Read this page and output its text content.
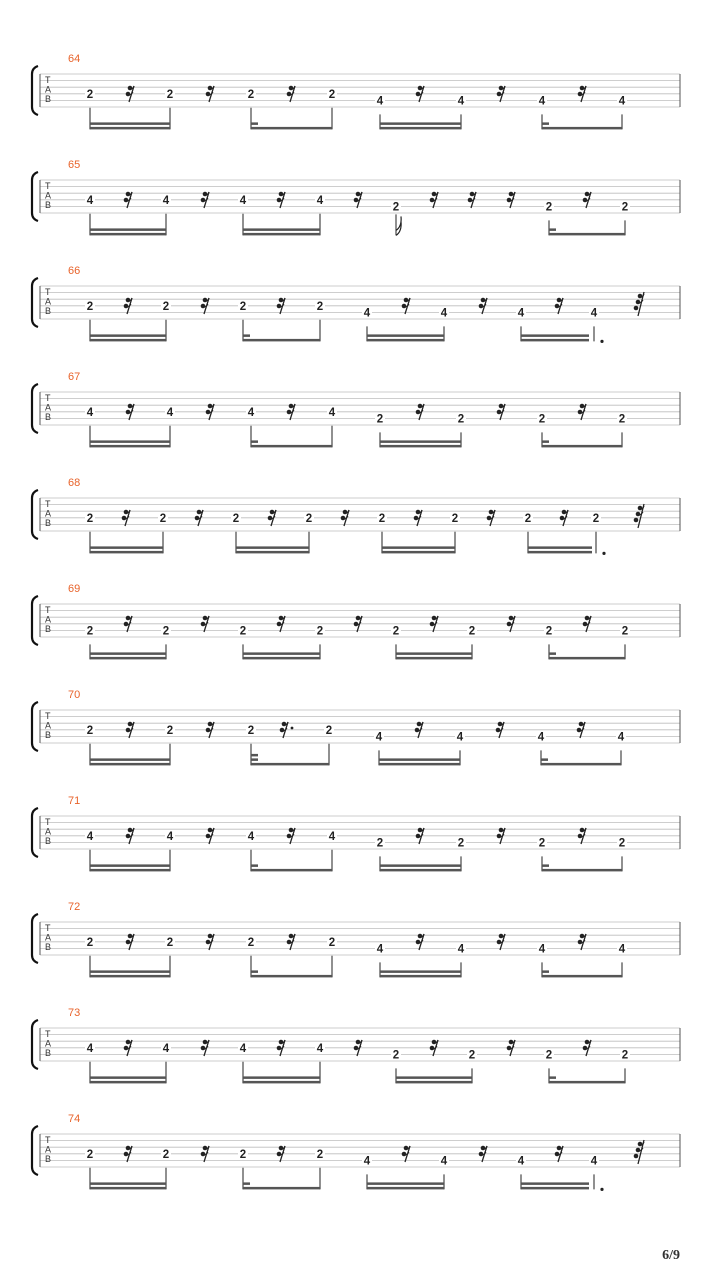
64
T
A
B	2	2	2	2
4	4	4	4
65
T
A
B	4	4	4	4
2	2	2
66
T
A
B	2	2	2	2
4	4	4	4
67
T
A
B	4	4	4	4
2	2	2	2
68
T
A
B	2	2	2	2	2	2	2	2
69
T
A
B	2	2	2	2	2	2	2	2
70
T
A
B	2	2	2	2
4	4	4	4
71
T
A
B	4	4	4	4
2	2	2	2
72
T
A
B	2	2	2	2
4	4	4	4
73
T
A
B	4	4	4	4
2	2	2	2
74
T
A
B	2	2	2	2
4	4	4	4
6/9
